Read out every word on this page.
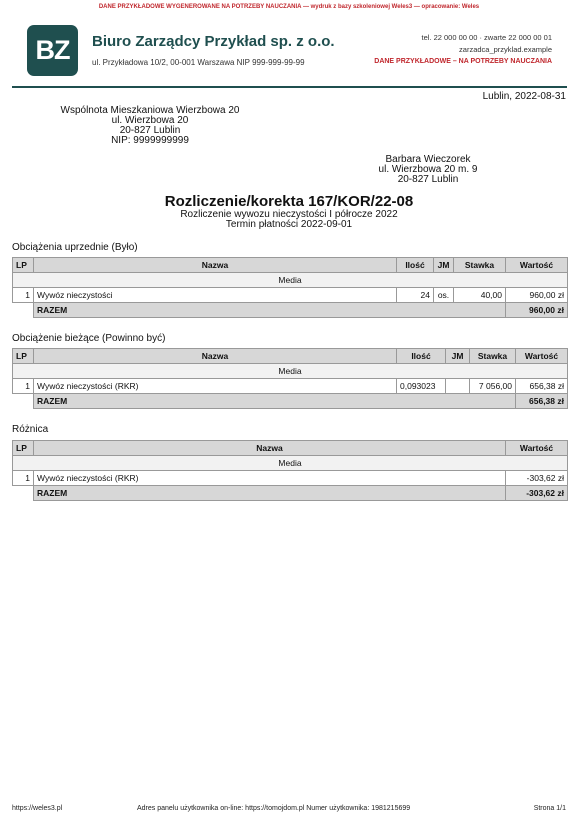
DANE PRZYKŁADOWE WYGENEROWANE NA POTRZEBY NAUCZANIA — wydruk z bazy szkoleniowej Weles3 — opracowanie: Weles
BZ	Biuro Zarządcy Przykład sp. z o.o.
ul. Przykładowa 10/2, 00-001 Warszawa NIP 999-999-99-99
tel. 22 000 00 00 · zwarte 22 000 00 01
zarzadca_przyklad.example
DANE PRZYKŁADOWE – NA POTRZEBY NAUCZANIA
Lublin, 2022-08-31
Wspólnota Mieszkaniowa Wierzbowa 20
ul. Wierzbowa 20
20-827 Lublin
NIP: 9999999999
Barbara Wieczorek
ul. Wierzbowa 20 m. 9
20-827 Lublin
Rozliczenie/korekta 167/KOR/22-08
Rozliczenie wywozu nieczystości I półrocze 2022
Termin płatności 2022-09-01
Obciążenia uprzednie (Było)
LP	Nazwa	Ilość	JM	Stawka	Wartość
Media					
1	Wywóz nieczystości	24	os.	40,00	960,00 zł
	RAZEM				960,00 zł
Obciążenie bieżące (Powinno być)
LP	Nazwa	Ilość	JM	Stawka	Wartość
Media					
1	Wywóz nieczystości (RKR)	0,093023		7 056,00	656,38 zł
	RAZEM				656,38 zł
Różnica
LP	Nazwa	Wartość
Media		
1	Wywóz nieczystości (RKR)	-303,62 zł
	RAZEM	-303,62 zł
https://weles3.pl	Adres panelu użytkownika on-line: https://tomojdom.pl Numer użytkownika: 1981215699	Strona 1/1
